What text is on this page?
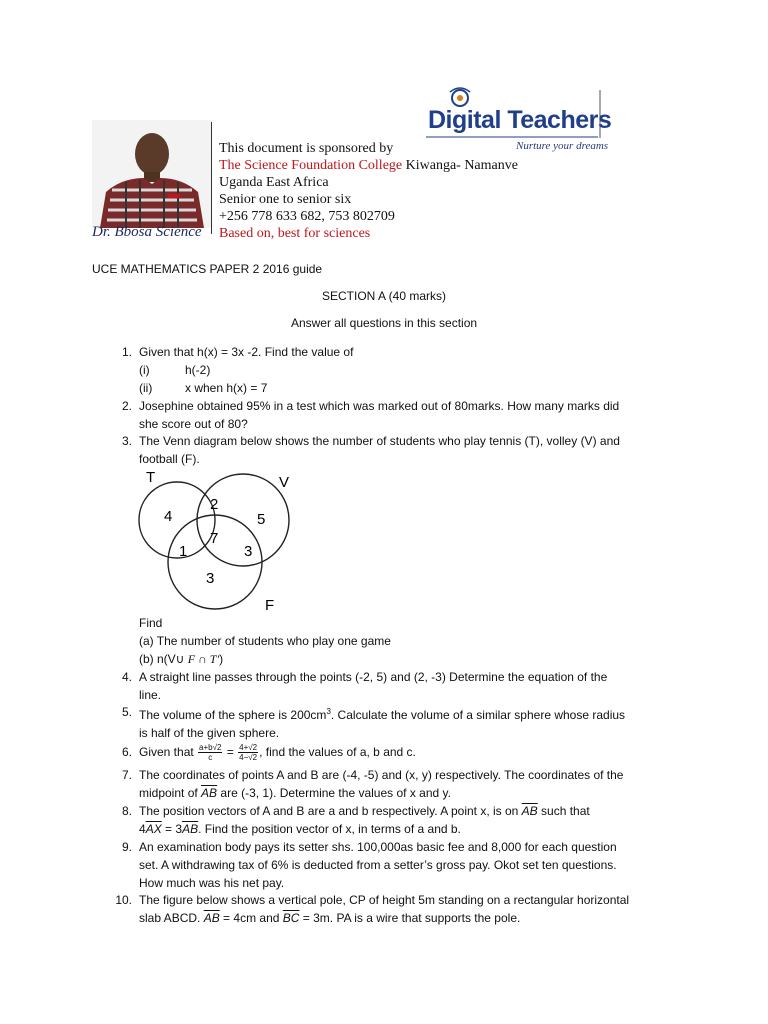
Dr. Bbosa Science
Digital Teachers
Nurture your dreams
This document is sponsored by
The Science Foundation College Kiwanga- Namanve
Uganda East Africa
Senior one to senior six
+256 778 633 682, 753 802709
Based on, best for sciences
UCE MATHEMATICS PAPER 2 2016 guide
SECTION A (40 marks)
Answer all questions in this section
1. Given that h(x) = 3x -2. Find the value of
(i)	h(-2)
(ii)	x when h(x) = 7
2. Josephine obtained 95% in a test which was marked out of 80marks. How many marks did
she score out of 80?
3. The Venn diagram below shows the number of students who play tennis (T), volley (V) and
football (F).
T	V
F
4
2
5
7
1	3
3
Find
(a) The number of students who play one game
(b) n(V∪ F ∩ T′)
4. A straight line passes through the points (-2, 5) and (2, -3) Determine the equation of the
line.
5. The volume of the sphere is $200cm^3$. Calculate the volume of a similar sphere whose radius
is half of the given sphere.
6. Given that $\frac{a+b√2}{c} = \frac{4+√2}{4-√2}$ , find the values of a, b and c.
7. The coordinates of points A and B are (-4, -5) and (x, y) respectively. The coordinates of the
midpoint of $\overline{AB}$ are (-3, 1). Determine the values of x and y.
8. The position vectors of A and B are a and b respectively. A point x, is on $\overline{AB}$ such that
$4\overline{AX} = 3\overline{AB}$. Find the position vector of x, in terms of a and b.
9. An examination body pays its setter shs. 100,000as basic fee and 8,000 for each question
set. A withdrawing tax of 6% is deducted from a setter’s gross pay. Okot set ten questions.
How much was his net pay.
10. The figure below shows a vertical pole, CP of height 5m standing on a rectangular horizontal
slab ABCD. $\overline{AB} = 4cm$ and $\overline{BC} = 3m$. PA is a wire that supports the pole.
